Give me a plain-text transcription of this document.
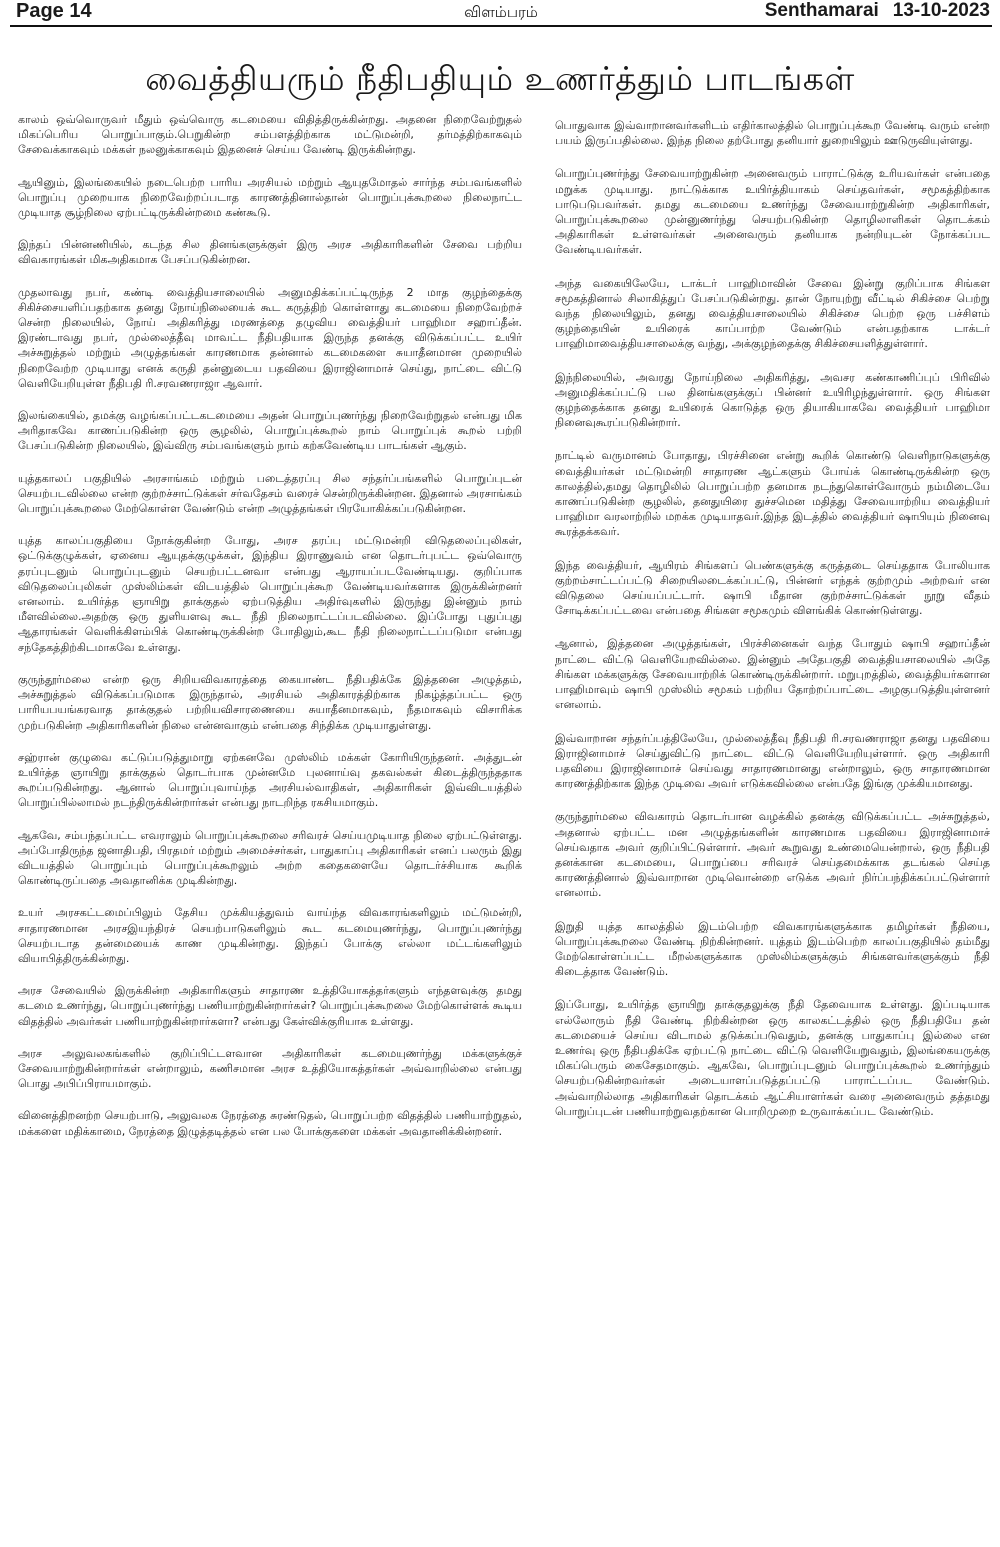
Page 14	விளம்பரம்	Senthamarai 13-10-2023
வைத்தியரும் நீதிபதியும் உணர்த்தும் பாடங்கள்

காலம் ஒவ்வொருவர் மீதும் ஒவ்வொரு கடமையை விதித்திருக்கின்றது. அதனை நிறைவேற்றுதல் மிகப்பெரிய பொறுப்பாகும்.பெறுகின்ற சம்பளத்திற்காக மட்டுமன்றி, தர்மத்திற்காகவும் சேவைக்காகவும் மக்கள் நலனுக்காகவும் இதனைச் செய்ய வேண்டி இருக்கின்றது.

ஆயினும், இலங்கையில் நடைபெற்ற பாரிய அரசியல் மற்றும் ஆயுதமோதல் சார்ந்த சம்பவங்களில் பொறுப்பு முறையாக நிறைவேற்றப்படாத காரணத்தினால்தான் பொறுப்புக்கூறலை நிலைநாட்ட முடியாத சூழ்நிலை ஏற்பட்டிருக்கின்றமை கண்கூடு.

இந்தப் பின்னணியில், கடந்த சில தினங்களுக்குள் இரு அரச அதிகாரிகளின் சேவை பற்றிய விவகாரங்கள் மிகஅதிகமாக பேசப்படுகின்றன.

முதலாவது நபர், கண்டி வைத்தியசாலையில் அனுமதிக்கப்பட்டிருந்த 2 மாத குழந்தைக்கு சிகிச்சையளிப்பதற்காக தனது நோய்நிலையைக் கூட கருத்திற் கொள்ளாது கடமையை நிறைவேற்றச் சென்ற நிலையில், நோய் அதிகரித்து மரணத்தை தழுவிய வைத்தியர் பாஹிமா சஹாப்தீன். இரண்டாவது நபர், முல்லைத்தீவு மாவட்ட நீதிபதியாக இருந்த தனக்கு விடுக்கப்பட்ட உயிர் அச்சுறுத்தல் மற்றும் அழுத்தங்கள் காரணமாக தன்னால் கடமைகளை சுயாதீனமான முறையில் நிறைவேற்ற முடியாது எனக் கருதி தன்னுடைய பதவியை இராஜினாமாச் செய்து, நாட்டை விட்டு வெளியேறியுள்ள நீதிபதி ரி.சரவணராஜா ஆவார்.

இலங்கையில், தமக்கு வழங்கப்பட்டகடமையை அதன் பொறுப்புணர்ந்து நிறைவேற்றுதல் என்பது மிக அரிதாகவே காணப்படுகின்ற ஒரு சூழலில், பொறுப்புக்கூறல் நாம் பொறுப்புக் கூறல் பற்றி பேசப்படுகின்ற நிலையில், இவ்விரு சம்பவங்களும் நாம் கற்கவேண்டிய பாடங்கள் ஆகும்.

யுத்தகாலப் பகுதியில் அரசாங்கம் மற்றும் படைத்தரப்பு சில சந்தர்ப்பங்களில் பொறுப்புடன் செயற்படவில்லை என்ற குற்றச்சாட்டுக்கள் சர்வதேசம் வரைச் சென்றிருக்கின்றன. இதனால் அரசாங்கம் பொறுப்புக்கூறலை மேற்கொள்ள வேண்டும் என்ற அழுத்தங்கள் பிரயோகிக்கப்படுகின்றன.

யுத்த காலப்பகுதியை நோக்குகின்ற போது, அரச தரப்பு மட்டுமன்றி விடுதலைப்புலிகள், ஒட்டுக்குழுக்கள், ஏனைய ஆயுதக்குழுக்கள், இந்திய இராணுவம் என தொடர்புபட்ட ஒவ்வொரு தரப்புடனும் பொறுப்புடனும் செயற்பட்டனவா என்பது ஆராயப்படவேண்டியது. குறிப்பாக விடுதலைப்புலிகள் முஸ்லிம்கள் விடயத்தில் பொறுப்புக்கூற வேண்டியவர்களாக இருக்கின்றனர் எனலாம். உயிர்த்த ஞாயிறு தாக்குதல் ஏற்படுத்திய அதிர்வுகளில் இருந்து இன்னும் நாம் மீளவில்லை.அதற்கு ஒரு துளியளவு கூட நீதி நிலைநாட்டப்படவில்லை. இப்போது புதுப்புது ஆதாரங்கள் வெளிக்கிளம்பிக் கொண்டிருக்கின்ற போதிலும்,கூட நீதி நிலைநாட்டப்படுமா என்பது சந்தேகத்திற்கிடமாகவே உள்ளது.

குருந்தூர்மலை என்ற ஒரு சிறியவிவகாரத்தை கையாண்ட நீதிபதிக்கே இத்தனை அழுத்தம், அச்சுறுத்தல் விடுக்கப்படுமாக இருந்தால், அரசியல் அதிகாரத்திற்காக நிகழ்த்தப்பட்ட ஒரு பாரியபயங்கரவாத தாக்குதல் பற்றியவிசாரணையை சுயாதீனமாகவும், நீதமாகவும் விசாரிக்க முற்படுகின்ற அதிகாரிகளின் நிலை என்னவாகும் என்பதை சிந்திக்க முடியாதுள்ளது.

சஹ்ரான் குழுவை கட்டுப்படுத்துமாறு ஏற்கனவே முஸ்லிம் மக்கள் கோரியிருந்தனர். அத்துடன் உயிர்த்த ஞாயிறு தாக்குதல் தொடர்பாக முன்னமே புலனாய்வு தகவல்கள் கிடைத்திருந்ததாக கூறப்படுகின்றது. ஆனால் பொறுப்புவாய்ந்த அரசியல்வாதிகள், அதிகாரிகள் இவ்விடயத்தில் பொறுப்பில்லாமல் நடந்திருக்கின்றார்கள் என்பது நாடறிந்த ரகசியமாகும்.

ஆகவே, சம்பந்தப்பட்ட எவராலும் பொறுப்புக்கூறலை சரிவரச் செய்யமுடியாத நிலை ஏற்பட்டுள்ளது. அப்போதிருந்த ஜனாதிபதி, பிரதமர் மற்றும் அமைச்சர்கள், பாதுகாப்பு அதிகாரிகள் எனப் பலரும் இது விடயத்தில் பொறுப்பும் பொறுப்புக்கூறலும் அற்ற கதைகளையே தொடர்ச்சியாக கூறிக் கொண்டிருப்பதை அவதானிக்க முடிகின்றது.

உயர் அரசகட்டமைப்பிலும் தேசிய முக்கியத்துவம் வாய்ந்த விவகாரங்களிலும் மட்டுமன்றி, சாதாரணமான அரசஇயந்திரச் செயற்பாடுகளிலும் கூட கடமையுணர்ந்து, பொறுப்புணர்ந்து செயற்படாத தன்மையைக் காண முடிகின்றது. இந்தப் போக்கு எல்லா மட்டங்களிலும் வியாபித்திருக்கின்றது.

அரச சேவையில் இருக்கின்ற அதிகாரிகளும் சாதாரண உத்தியோகத்தர்களும் எந்தளவுக்கு தமது கடமை உணர்ந்து, பொறுப்புணர்ந்து பணியாற்றுகின்றார்கள்? பொறுப்புக்கூறலை மேற்கொள்ளக் கூடிய விதத்தில் அவர்கள் பணியாற்றுகின்றார்களா? என்பது கேள்விக்குரியாக உள்ளது.

அரச அலுவலகங்களில் குறிப்பிட்டளவான அதிகாரிகள் கடமையுணர்ந்து மக்களுக்குச் சேவையாற்றுகின்றார்கள் என்றாலும், கணிசமான அரச உத்தியோகத்தர்கள் அவ்வாறில்லை என்பது பொது அபிப்பிராயமாகும்.

வினைத்திறனற்ற செயற்பாடு, அலுவலக நேரத்தை சுரண்டுதல், பொறுப்பற்ற விதத்தில் பணியாற்றுதல், மக்களை மதிக்காமை, நேரத்தை இழுத்தடித்தல் என பல போக்குகளை மக்கள் அவதானிக்கின்றனர்.

பொதுவாக இவ்வாறானவர்களிடம் எதிர்காலத்தில் பொறுப்புக்கூற வேண்டி வரும் என்ற பயம் இருப்பதில்லை. இந்த நிலை தற்போது தனியார் துறையிலும் ஊடுருவியுள்ளது.

பொறுப்புணர்ந்து சேவையாற்றுகின்ற அனைவரும் பாராட்டுக்கு உரியவர்கள் என்பதை மறுக்க முடியாது. நாட்டுக்காக உயிர்த்தியாகம் செய்தவர்கள், சமூகத்திற்காக பாடுபடுபவர்கள். தமது கடமையை உணர்ந்து சேவையாற்றுகின்ற அதிகாரிகள், பொறுப்புக்கூறலை முன்னுணர்ந்து செயற்படுகின்ற தொழிலாளிகள் தொடக்கம் அதிகாரிகள் உள்ளவர்கள் அனைவரும் தனியாக நன்றியுடன் நோக்கப்பட வேண்டியவர்கள்.

அந்த வகையிலேயே, டாக்டர் பாஹிமாவின் சேவை இன்று குறிப்பாக சிங்கள சமூகத்தினால் சிலாகித்துப் பேசப்படுகின்றது. தான் நோயுற்று வீட்டில் சிகிச்சை பெற்று வந்த நிலையிலும், தனது வைத்தியசாலையில் சிகிச்சை பெற்ற ஒரு பச்சிளம் குழந்தையின் உயிரைக் காப்பாற்ற வேண்டும் என்பதற்காக டாக்டர் பாஹிமாவைத்தியசாலைக்கு வந்து, அக்குழந்தைக்கு சிகிச்சையளித்துள்ளார்.

இந்நிலையில், அவரது நோய்நிலை அதிகரித்து, அவசர கண்காணிப்புப் பிரிவில் அனுமதிக்கப்பட்டு பல தினங்களுக்குப் பின்னர் உயிரிழந்துள்ளார். ஒரு சிங்கள குழந்தைக்காக தனது உயிரைக் கொடுத்த ஒரு தியாகியாகவே வைத்தியர் பாஹிமா நினைவுகூரப்படுகின்றார்.

நாட்டில் வருமானம் போதாது, பிரச்சினை என்று கூறிக் கொண்டு வெளிநாடுகளுக்கு வைத்தியர்கள் மட்டுமன்றி சாதாரண ஆட்களும் போய்க் கொண்டிருக்கின்ற ஒரு காலத்தில்,தமது தொழிலில் பொறுப்பற்ற தனமாக நடந்துகொள்வோரும் நம்மிடையே காணப்படுகின்ற சூழலில், தனதுயிரை துச்சமென மதித்து சேவையாற்றிய வைத்தியர் பாஹிமா வரலாற்றில் மறக்க முடியாதவர்.இந்த இடத்தில் வைத்தியர் ஷாபியும் நினைவு கூரத்தக்கவர்.

இந்த வைத்தியர், ஆயிரம் சிங்களப் பெண்களுக்கு கருத்தடை செய்ததாக போலியாக குற்றம்சாட்டப்பட்டு சிறையிலடைக்கப்பட்டு, பின்னர் எந்தக் குற்றமும் அற்றவர் என விடுதலை செய்யப்பட்டார். ஷாபி மீதான குற்றச்சாட்டுக்கள் நூறு வீதம் சோடிக்கப்பட்டவை என்பதை சிங்கள சமூகமும் விளங்கிக் கொண்டுள்ளது.

ஆனால், இத்தனை அழுத்தங்கள், பிரச்சினைகள் வந்த போதும் ஷாபி சஹாப்தீன் நாட்டை விட்டு வெளியேறவில்லை. இன்னும் அதேபகுதி வைத்தியசாலையில் அதே சிங்கள மக்களுக்கு சேவையாற்றிக் கொண்டிருக்கின்றார். மறுபுறத்தில், வைத்தியர்களான பாஹிமாவும் ஷாபி முஸ்லிம் சமூகம் பற்றிய தோற்றப்பாட்டை அழகுபடுத்தியுள்ளனர் எனலாம்.

இவ்வாறான சந்தர்ப்பத்திலேயே, முல்லைத்தீவு நீதிபதி ரி.சரவணராஜா தனது பதவியை இராஜினாமாச் செய்துவிட்டு நாட்டை விட்டு வெளியேறியுள்ளார். ஒரு அதிகாரி பதவியை இராஜினாமாச் செய்வது சாதாரணமானது என்றாலும், ஒரு சாதாரணமான காரணத்திற்காக இந்த முடிவை அவர் எடுக்கவில்லை என்பதே இங்கு முக்கியமானது.

குருந்தூர்மலை விவகாரம் தொடர்பான வழக்கில் தனக்கு விடுக்கப்பட்ட அச்சுறுத்தல், அதனால் ஏற்பட்ட மன அழுத்தங்களின் காரணமாக பதவியை இராஜினாமாச் செய்வதாக அவர் குறிப்பிட்டுள்ளார். அவர் கூறுவது உண்மையென்றால், ஒரு நீதிபதி தனக்கான கடமையை, பொறுப்பை சரிவரச் செய்தமைக்காக தடங்கல் செய்த காரணத்தினால் இவ்வாறான முடிவொன்றை எடுக்க அவர் நிர்ப்பந்திக்கப்பட்டுள்ளார் எனலாம்.

இறுதி யுத்த காலத்தில் இடம்பெற்ற விவகாரங்களுக்காக தமிழர்கள் நீதியை, பொறுப்புக்கூறலை வேண்டி நிற்கின்றனர். யுத்தம் இடம்பெற்ற காலப்பகுதியில் தம்மீது மேற்கொள்ளப்பட்ட மீறல்களுக்காக முஸ்லிம்களுக்கும் சிங்களவர்களுக்கும் நீதி கிடைத்தாக வேண்டும்.

இப்போது, உயிர்த்த ஞாயிறு தாக்குதலுக்கு நீதி தேவையாக உள்ளது. இப்படியாக எல்லோரும் நீதி வேண்டி நிற்கின்றன ஒரு காலகட்டத்தில் ஒரு நீதிபதியே தன் கடமையைச் செய்ய விடாமல் தடுக்கப்படுவதும், தனக்கு பாதுகாப்பு இல்லை என உணர்வு ஒரு நீதிபதிக்கே ஏற்பட்டு நாட்டை விட்டு வெளியேறுவதும், இலங்கையருக்கு மிகப்பெரும் கைசேதமாகும். ஆகவே, பொறுப்புடனும் பொறுப்புக்கூறல் உணர்ந்தும் செயற்படுகின்றவர்கள் அடையாளப்படுத்தப்பட்டு பாராட்டப்பட வேண்டும். அவ்வாறில்லாத அதிகாரிகள் தொடக்கம் ஆட்சியாளர்கள் வரை அனைவரும் தத்தமது பொறுப்புடன் பணியாற்றுவதற்கான பொறிமுறை உருவாக்கப்பட வேண்டும்.
